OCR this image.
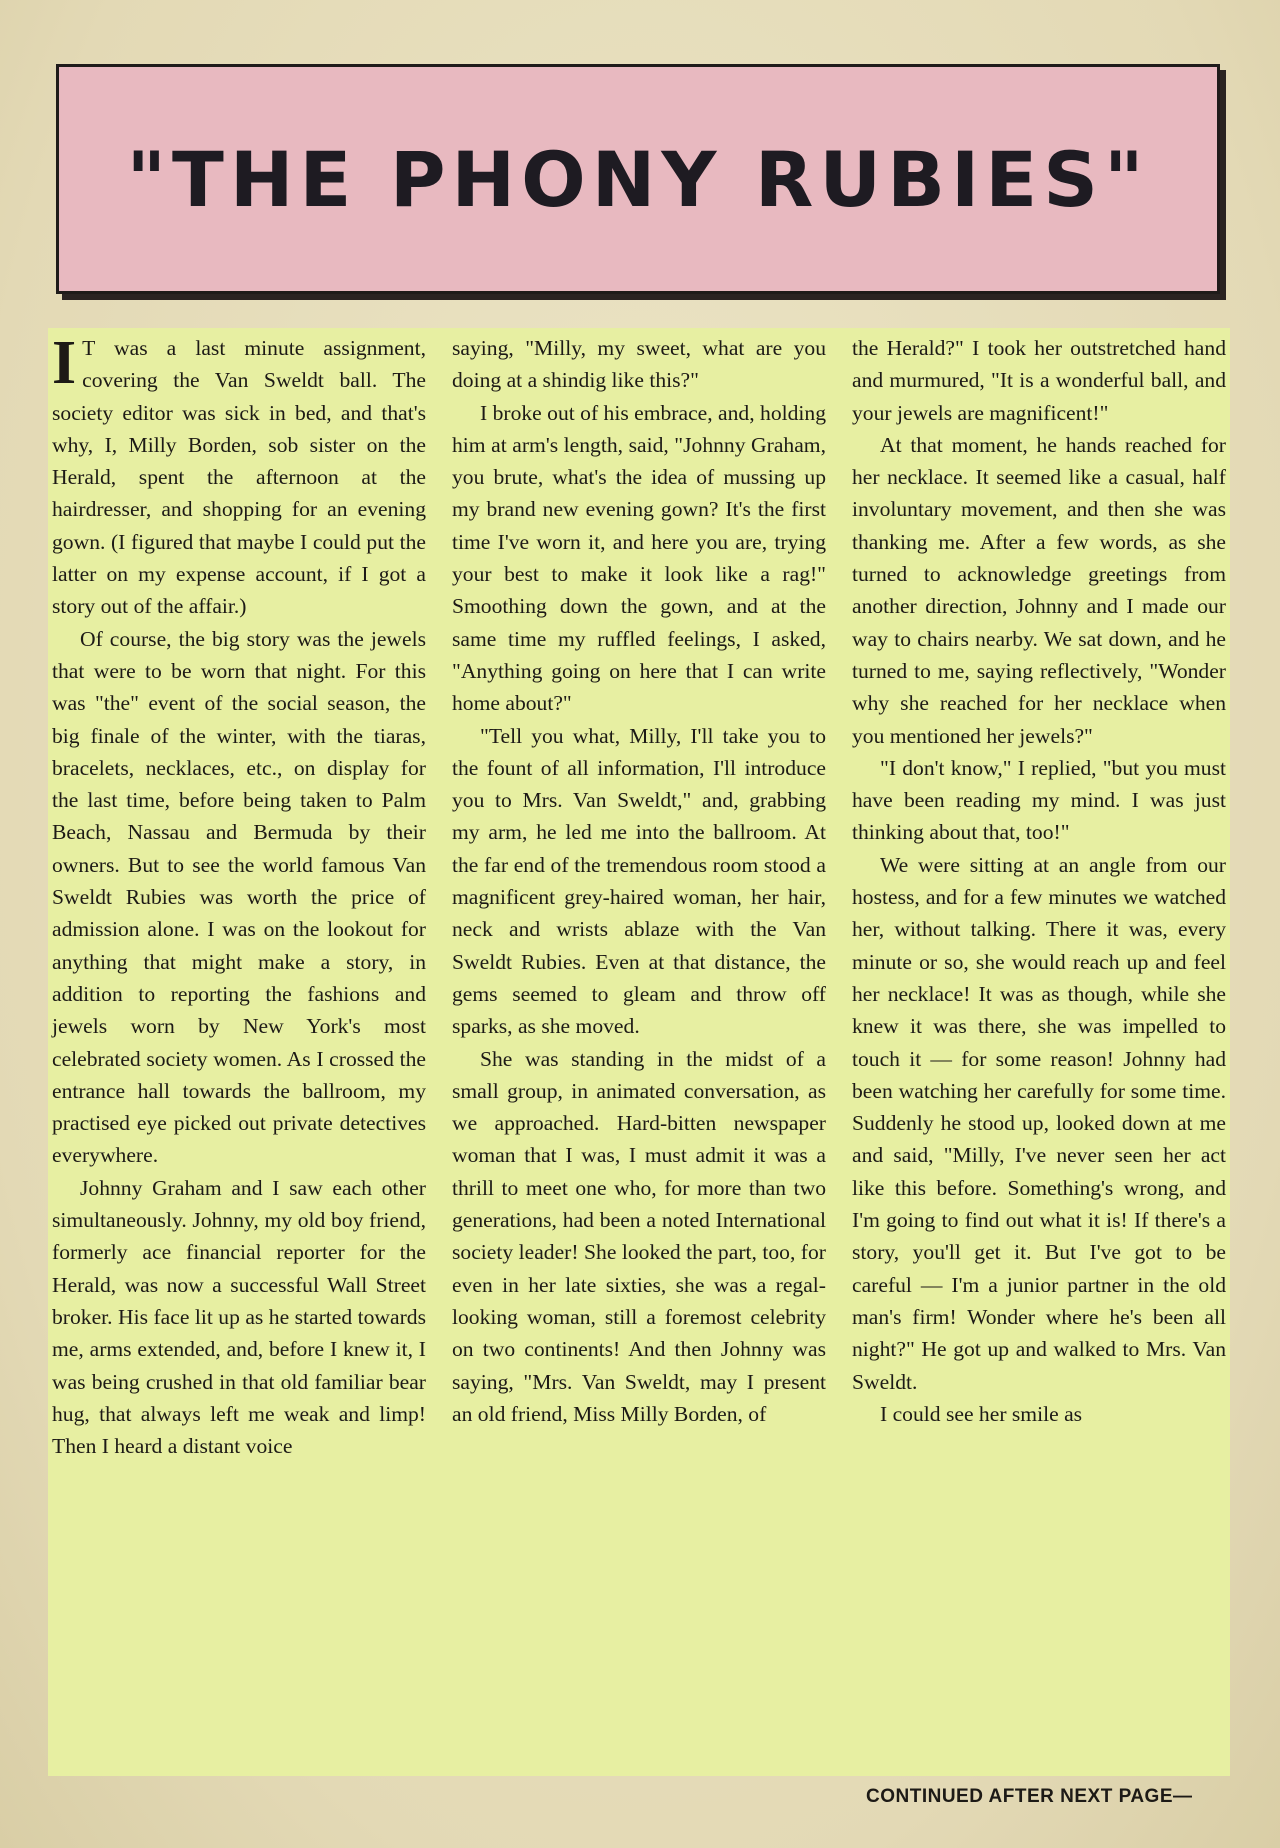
"THE PHONY RUBIES"

I T was a last minute assignment, covering the Van Sweldt ball. The society editor was sick in bed, and that's why, I, Milly Borden, sob sister on the Herald, spent the afternoon at the hairdresser, and shopping for an evening gown. (I figured that maybe I could put the latter on my expense account, if I got a story out of the affair.)

Of course, the big story was the jewels that were to be worn that night. For this was "the" event of the social season, the big finale of the winter, with the tiaras, bracelets, necklaces, etc., on display for the last time, before being taken to Palm Beach, Nassau and Bermuda by their owners. But to see the world famous Van Sweldt Rubies was worth the price of admission alone. I was on the lookout for anything that might make a story, in addition to reporting the fashions and jewels worn by New York's most celebrated society women. As I crossed the entrance hall towards the ballroom, my practised eye picked out private detectives everywhere.

Johnny Graham and I saw each other simultaneously. Johnny, my old boy friend, formerly ace financial reporter for the Herald, was now a successful Wall Street broker. His face lit up as he started towards me, arms extended, and, before I knew it, I was being crushed in that old familiar bear hug, that always left me weak and limp! Then I heard a distant voice

saying, "Milly, my sweet, what are you doing at a shindig like this?"

I broke out of his embrace, and, holding him at arm's length, said, "Johnny Graham, you brute, what's the idea of mussing up my brand new evening gown? It's the first time I've worn it, and here you are, trying your best to make it look like a rag!" Smoothing down the gown, and at the same time my ruffled feelings, I asked, "Anything going on here that I can write home about?"

"Tell you what, Milly, I'll take you to the fount of all information, I'll introduce you to Mrs. Van Sweldt," and, grabbing my arm, he led me into the ballroom. At the far end of the tremendous room stood a magnificent grey-haired woman, her hair, neck and wrists ablaze with the Van Sweldt Rubies. Even at that distance, the gems seemed to gleam and throw off sparks, as she moved.

She was standing in the midst of a small group, in animated conversation, as we approached. Hard-bitten newspaper woman that I was, I must admit it was a thrill to meet one who, for more than two generations, had been a noted International society leader! She looked the part, too, for even in her late sixties, she was a regal-looking woman, still a foremost celebrity on two continents! And then Johnny was saying, "Mrs. Van Sweldt, may I present an old friend, Miss Milly Borden, of

the Herald?" I took her outstretched hand and murmured, "It is a wonderful ball, and your jewels are magnificent!"

At that moment, he hands reached for her necklace. It seemed like a casual, half involuntary movement, and then she was thanking me. After a few words, as she turned to acknowledge greetings from another direction, Johnny and I made our way to chairs nearby. We sat down, and he turned to me, saying reflectively, "Wonder why she reached for her necklace when you mentioned her jewels?"

"I don't know," I replied, "but you must have been reading my mind. I was just thinking about that, too!"

We were sitting at an angle from our hostess, and for a few minutes we watched her, without talking. There it was, every minute or so, she would reach up and feel her necklace! It was as though, while she knew it was there, she was impelled to touch it — for some reason! Johnny had been watching her carefully for some time. Suddenly he stood up, looked down at me and said, "Milly, I've never seen her act like this before. Something's wrong, and I'm going to find out what it is! If there's a story, you'll get it. But I've got to be careful — I'm a junior partner in the old man's firm! Wonder where he's been all night?" He got up and walked to Mrs. Van Sweldt.

I could see her smile as

CONTINUED AFTER NEXT PAGE—
